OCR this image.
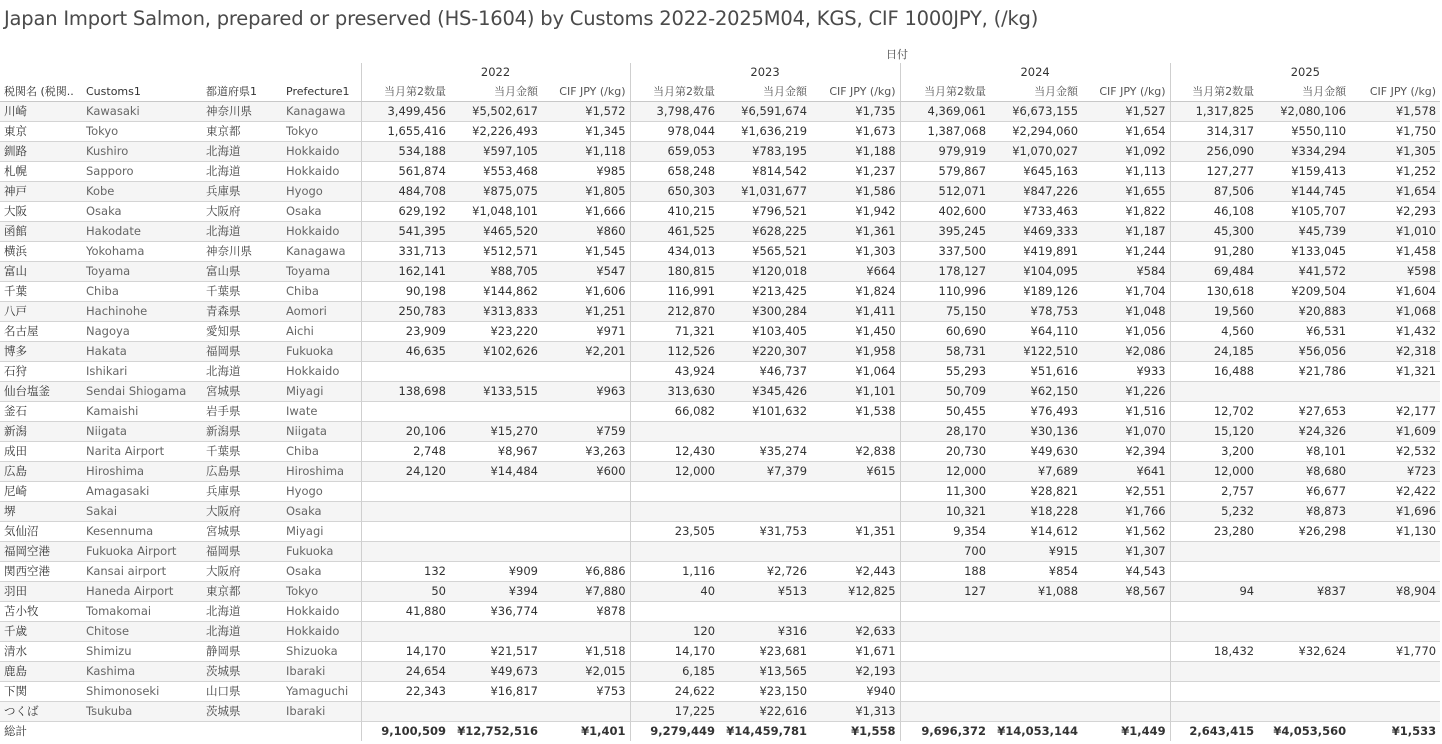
Japan Import Salmon, prepared or preserved (HS-1604) by Customs 2022-2025M04, KGS, CIF 1000JPY, (/kg)
日付
				2022			2023			2024			2025		
税関名 (税関..	Customs1	都道府県1	Prefecture1	当月第2数量	当月金額	CIF JPY (/kg)	当月第2数量	当月金額	CIF JPY (/kg)	当月第2数量	当月金額	CIF JPY (/kg)	当月第2数量	当月金額	CIF JPY (/kg)
川崎	Kawasaki	神奈川県	Kanagawa	3,499,456	¥5,502,617	¥1,572	3,798,476	¥6,591,674	¥1,735	4,369,061	¥6,673,155	¥1,527	1,317,825	¥2,080,106	¥1,578
東京	Tokyo	東京都	Tokyo	1,655,416	¥2,226,493	¥1,345	978,044	¥1,636,219	¥1,673	1,387,068	¥2,294,060	¥1,654	314,317	¥550,110	¥1,750
釧路	Kushiro	北海道	Hokkaido	534,188	¥597,105	¥1,118	659,053	¥783,195	¥1,188	979,919	¥1,070,027	¥1,092	256,090	¥334,294	¥1,305
札幌	Sapporo	北海道	Hokkaido	561,874	¥553,468	¥985	658,248	¥814,542	¥1,237	579,867	¥645,163	¥1,113	127,277	¥159,413	¥1,252
神戸	Kobe	兵庫県	Hyogo	484,708	¥875,075	¥1,805	650,303	¥1,031,677	¥1,586	512,071	¥847,226	¥1,655	87,506	¥144,745	¥1,654
大阪	Osaka	大阪府	Osaka	629,192	¥1,048,101	¥1,666	410,215	¥796,521	¥1,942	402,600	¥733,463	¥1,822	46,108	¥105,707	¥2,293
函館	Hakodate	北海道	Hokkaido	541,395	¥465,520	¥860	461,525	¥628,225	¥1,361	395,245	¥469,333	¥1,187	45,300	¥45,739	¥1,010
横浜	Yokohama	神奈川県	Kanagawa	331,713	¥512,571	¥1,545	434,013	¥565,521	¥1,303	337,500	¥419,891	¥1,244	91,280	¥133,045	¥1,458
富山	Toyama	富山県	Toyama	162,141	¥88,705	¥547	180,815	¥120,018	¥664	178,127	¥104,095	¥584	69,484	¥41,572	¥598
千葉	Chiba	千葉県	Chiba	90,198	¥144,862	¥1,606	116,991	¥213,425	¥1,824	110,996	¥189,126	¥1,704	130,618	¥209,504	¥1,604
八戸	Hachinohe	青森県	Aomori	250,783	¥313,833	¥1,251	212,870	¥300,284	¥1,411	75,150	¥78,753	¥1,048	19,560	¥20,883	¥1,068
名古屋	Nagoya	愛知県	Aichi	23,909	¥23,220	¥971	71,321	¥103,405	¥1,450	60,690	¥64,110	¥1,056	4,560	¥6,531	¥1,432
博多	Hakata	福岡県	Fukuoka	46,635	¥102,626	¥2,201	112,526	¥220,307	¥1,958	58,731	¥122,510	¥2,086	24,185	¥56,056	¥2,318
石狩	Ishikari	北海道	Hokkaido				43,924	¥46,737	¥1,064	55,293	¥51,616	¥933	16,488	¥21,786	¥1,321
仙台塩釜	Sendai Shiogama	宮城県	Miyagi	138,698	¥133,515	¥963	313,630	¥345,426	¥1,101	50,709	¥62,150	¥1,226			
釜石	Kamaishi	岩手県	Iwate				66,082	¥101,632	¥1,538	50,455	¥76,493	¥1,516	12,702	¥27,653	¥2,177
新潟	Niigata	新潟県	Niigata	20,106	¥15,270	¥759				28,170	¥30,136	¥1,070	15,120	¥24,326	¥1,609
成田	Narita Airport	千葉県	Chiba	2,748	¥8,967	¥3,263	12,430	¥35,274	¥2,838	20,730	¥49,630	¥2,394	3,200	¥8,101	¥2,532
広島	Hiroshima	広島県	Hiroshima	24,120	¥14,484	¥600	12,000	¥7,379	¥615	12,000	¥7,689	¥641	12,000	¥8,680	¥723
尼崎	Amagasaki	兵庫県	Hyogo							11,300	¥28,821	¥2,551	2,757	¥6,677	¥2,422
堺	Sakai	大阪府	Osaka							10,321	¥18,228	¥1,766	5,232	¥8,873	¥1,696
気仙沼	Kesennuma	宮城県	Miyagi				23,505	¥31,753	¥1,351	9,354	¥14,612	¥1,562	23,280	¥26,298	¥1,130
福岡空港	Fukuoka Airport	福岡県	Fukuoka							700	¥915	¥1,307			
関西空港	Kansai airport	大阪府	Osaka	132	¥909	¥6,886	1,116	¥2,726	¥2,443	188	¥854	¥4,543			
羽田	Haneda Airport	東京都	Tokyo	50	¥394	¥7,880	40	¥513	¥12,825	127	¥1,088	¥8,567	94	¥837	¥8,904
苫小牧	Tomakomai	北海道	Hokkaido	41,880	¥36,774	¥878									
千歳	Chitose	北海道	Hokkaido				120	¥316	¥2,633						
清水	Shimizu	静岡県	Shizuoka	14,170	¥21,517	¥1,518	14,170	¥23,681	¥1,671				18,432	¥32,624	¥1,770
鹿島	Kashima	茨城県	Ibaraki	24,654	¥49,673	¥2,015	6,185	¥13,565	¥2,193						
下関	Shimonoseki	山口県	Yamaguchi	22,343	¥16,817	¥753	24,622	¥23,150	¥940						
つくば	Tsukuba	茨城県	Ibaraki				17,225	¥22,616	¥1,313						
総計				9,100,509	¥12,752,516	¥1,401	9,279,449	¥14,459,781	¥1,558	9,696,372	¥14,053,144	¥1,449	2,643,415	¥4,053,560	¥1,533
